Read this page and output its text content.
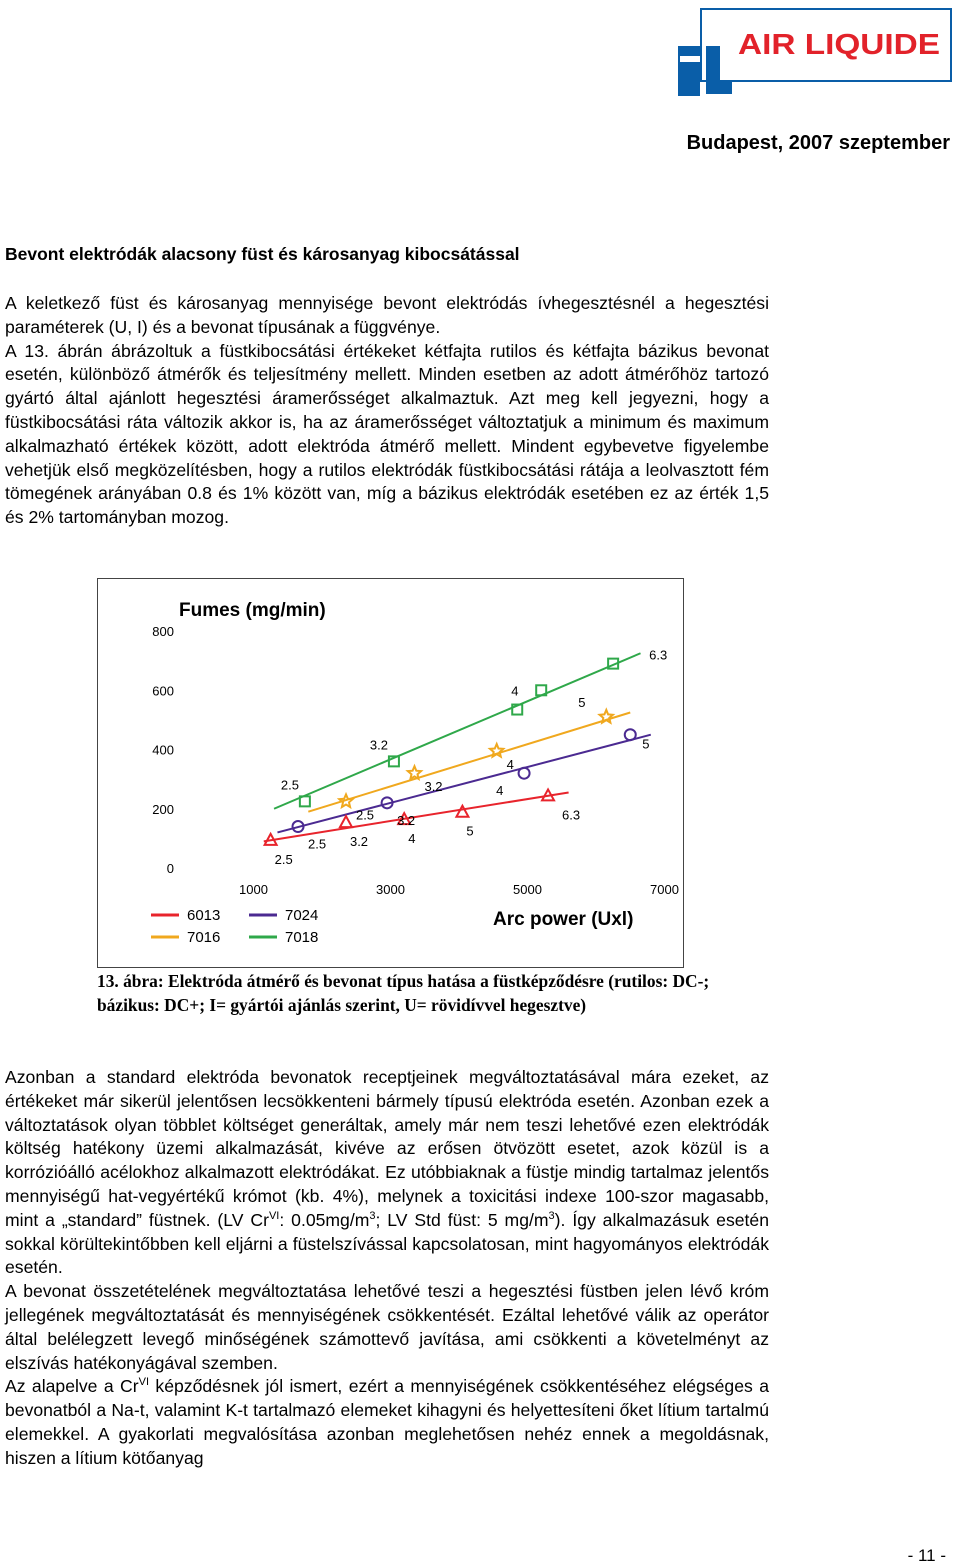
AIR LIQUIDE
Budapest, 2007 szeptember
Bevont elektródák alacsony füst és károsanyag kibocsátással
A keletkező füst és károsanyag mennyisége bevont elektródás ívhegesztésnél a hegesztési paraméterek (U, I) és a bevonat típusának a függvénye.
A 13. ábrán ábrázoltuk a füstkibocsátási értékeket kétfajta rutilos és kétfajta bázikus bevonat esetén, különböző átmérők és teljesítmény mellett. Minden esetben az adott átmérőhöz tartozó gyártó által ajánlott hegesztési áramerősséget alkalmaztuk. Azt meg kell jegyezni, hogy a füstkibocsátási ráta változik akkor is, ha az áramerősséget változtatjuk a minimum és maximum alkalmazható értékek között, adott elektróda átmérő mellett. Mindent egybevetve figyelembe vehetjük első megközelítésben, hogy a rutilos elektródák füstkibocsátási rátája a leolvasztott fém tömegének arányában 0.8 és 1% között van, míg a bázikus elektródák esetében ez az érték 1,5 és 2% tartományban mozog.
Fumes (mg/min)
Arc power (Uxl)
0
200
400
600
800
1000	3000	5000	7000
2.5
3.2	4	5
6.3
2.5
3.2
4
5
2.5
3.2
4
5
2.5
3.2
4
6.3
6013	7024
7016	7018
13. ábra: Elektróda átmérő és bevonat típus hatása a füstképződésre (rutilos: DC-; bázikus: DC+; I= gyártói ajánlás szerint, U= rövidívvel hegesztve)
Azonban a standard elektróda bevonatok receptjeinek megváltoztatásával mára ezeket, az értékeket már sikerül jelentősen lecsökkenteni bármely típusú elektróda esetén. Azonban ezek a változtatások olyan többlet költséget generáltak, amely már nem teszi lehetővé ezen elektródák költség hatékony üzemi alkalmazását, kivéve az erősen ötvözött esetet, azok közül is a korrózióálló acélokhoz alkalmazott elektródákat. Ez utóbbiaknak a füstje mindig tartalmaz jelentős mennyiségű hat-vegyértékű krómot (kb. 4%), melynek a toxicitási indexe 100-szor magasabb, mint a „standard” füstnek. (LV $Cr^{VI}$: $0.05mg/m^3$; LV Std füst: 5 $mg/m^3$). Így alkalmazásuk esetén sokkal körültekintőbben kell eljárni a füstelszívással kapcsolatosan, mint hagyományos elektródák esetén.
A bevonat összetételének megváltoztatása lehetővé teszi a hegesztési füstben jelen lévő króm jellegének megváltoztatását és mennyiségének csökkentését. Ezáltal lehetővé válik az operátor által belélegzett levegő minőségének számottevő javítása, ami csökkenti a követelményt az elszívás hatékonyágával szemben.
Az alapelve a $Cr^{VI}$ képződésnek jól ismert, ezért a mennyiségének csökkentéséhez elégséges a bevonatból a Na-t, valamint K-t tartalmazó elemeket kihagyni és helyettesíteni őket lítium tartalmú elemekkel. A gyakorlati megvalósítása azonban meglehetősen nehéz ennek a megoldásnak, hiszen a lítium kötőanyag
- 11 -
